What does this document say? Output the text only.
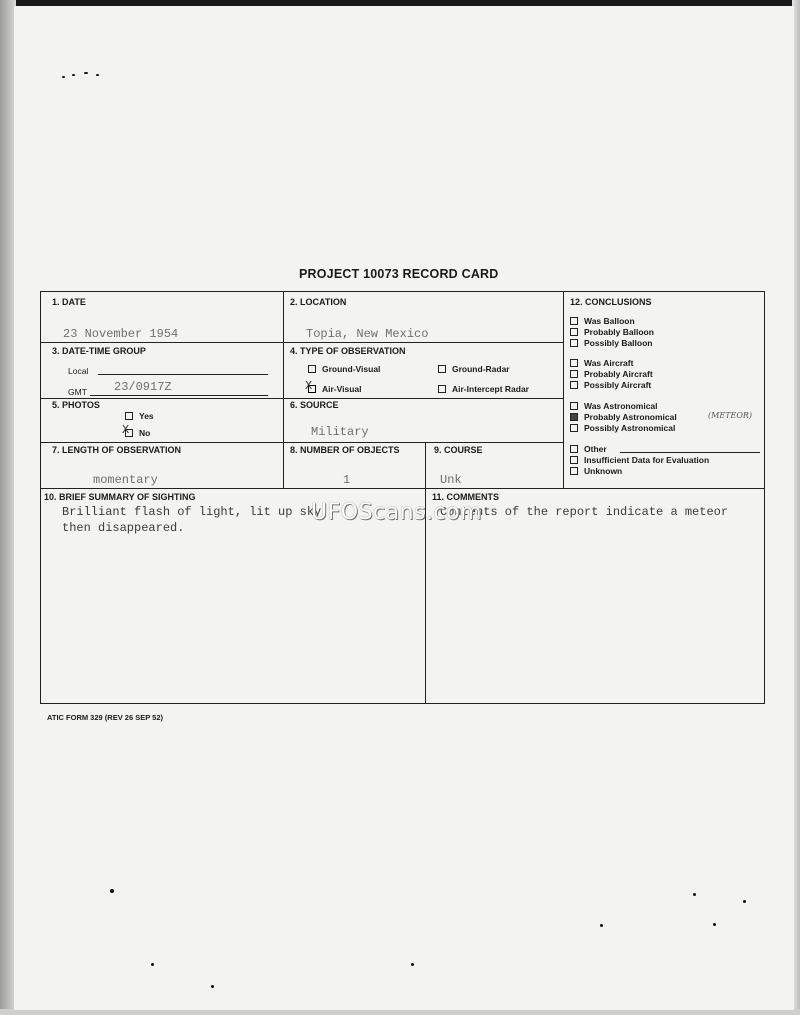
PROJECT 10073 RECORD CARD
1. DATE
23 November 1954
2. LOCATION
Topia, New Mexico
3. DATE-TIME GROUP
Local
GMT 23/0917Z
4. TYPE OF OBSERVATION
Ground-Visual	Ground-Radar
Air-Visual	Air-Intercept Radar
X
5. PHOTOS
Yes
No
X
6. SOURCE
Military
7. LENGTH OF OBSERVATION
momentary
8. NUMBER OF OBJECTS
1
9. COURSE
Unk
10. BRIEF SUMMARY OF SIGHTING
Brilliant flash of light, lit up sky,
then disappeared.
11. COMMENTS
Contents of the report indicate a meteor
12. CONCLUSIONS
Was Balloon
Probably Balloon
Possibly Balloon
Was Aircraft
Probably Aircraft
Possibly Aircraft
Was Astronomical
Probably Astronomical
Possibly Astronomical
(METEOR)
Other
Insufficient Data for Evaluation
Unknown
ATIC FORM 329 (REV 26 SEP 52)
UFOScans.com
